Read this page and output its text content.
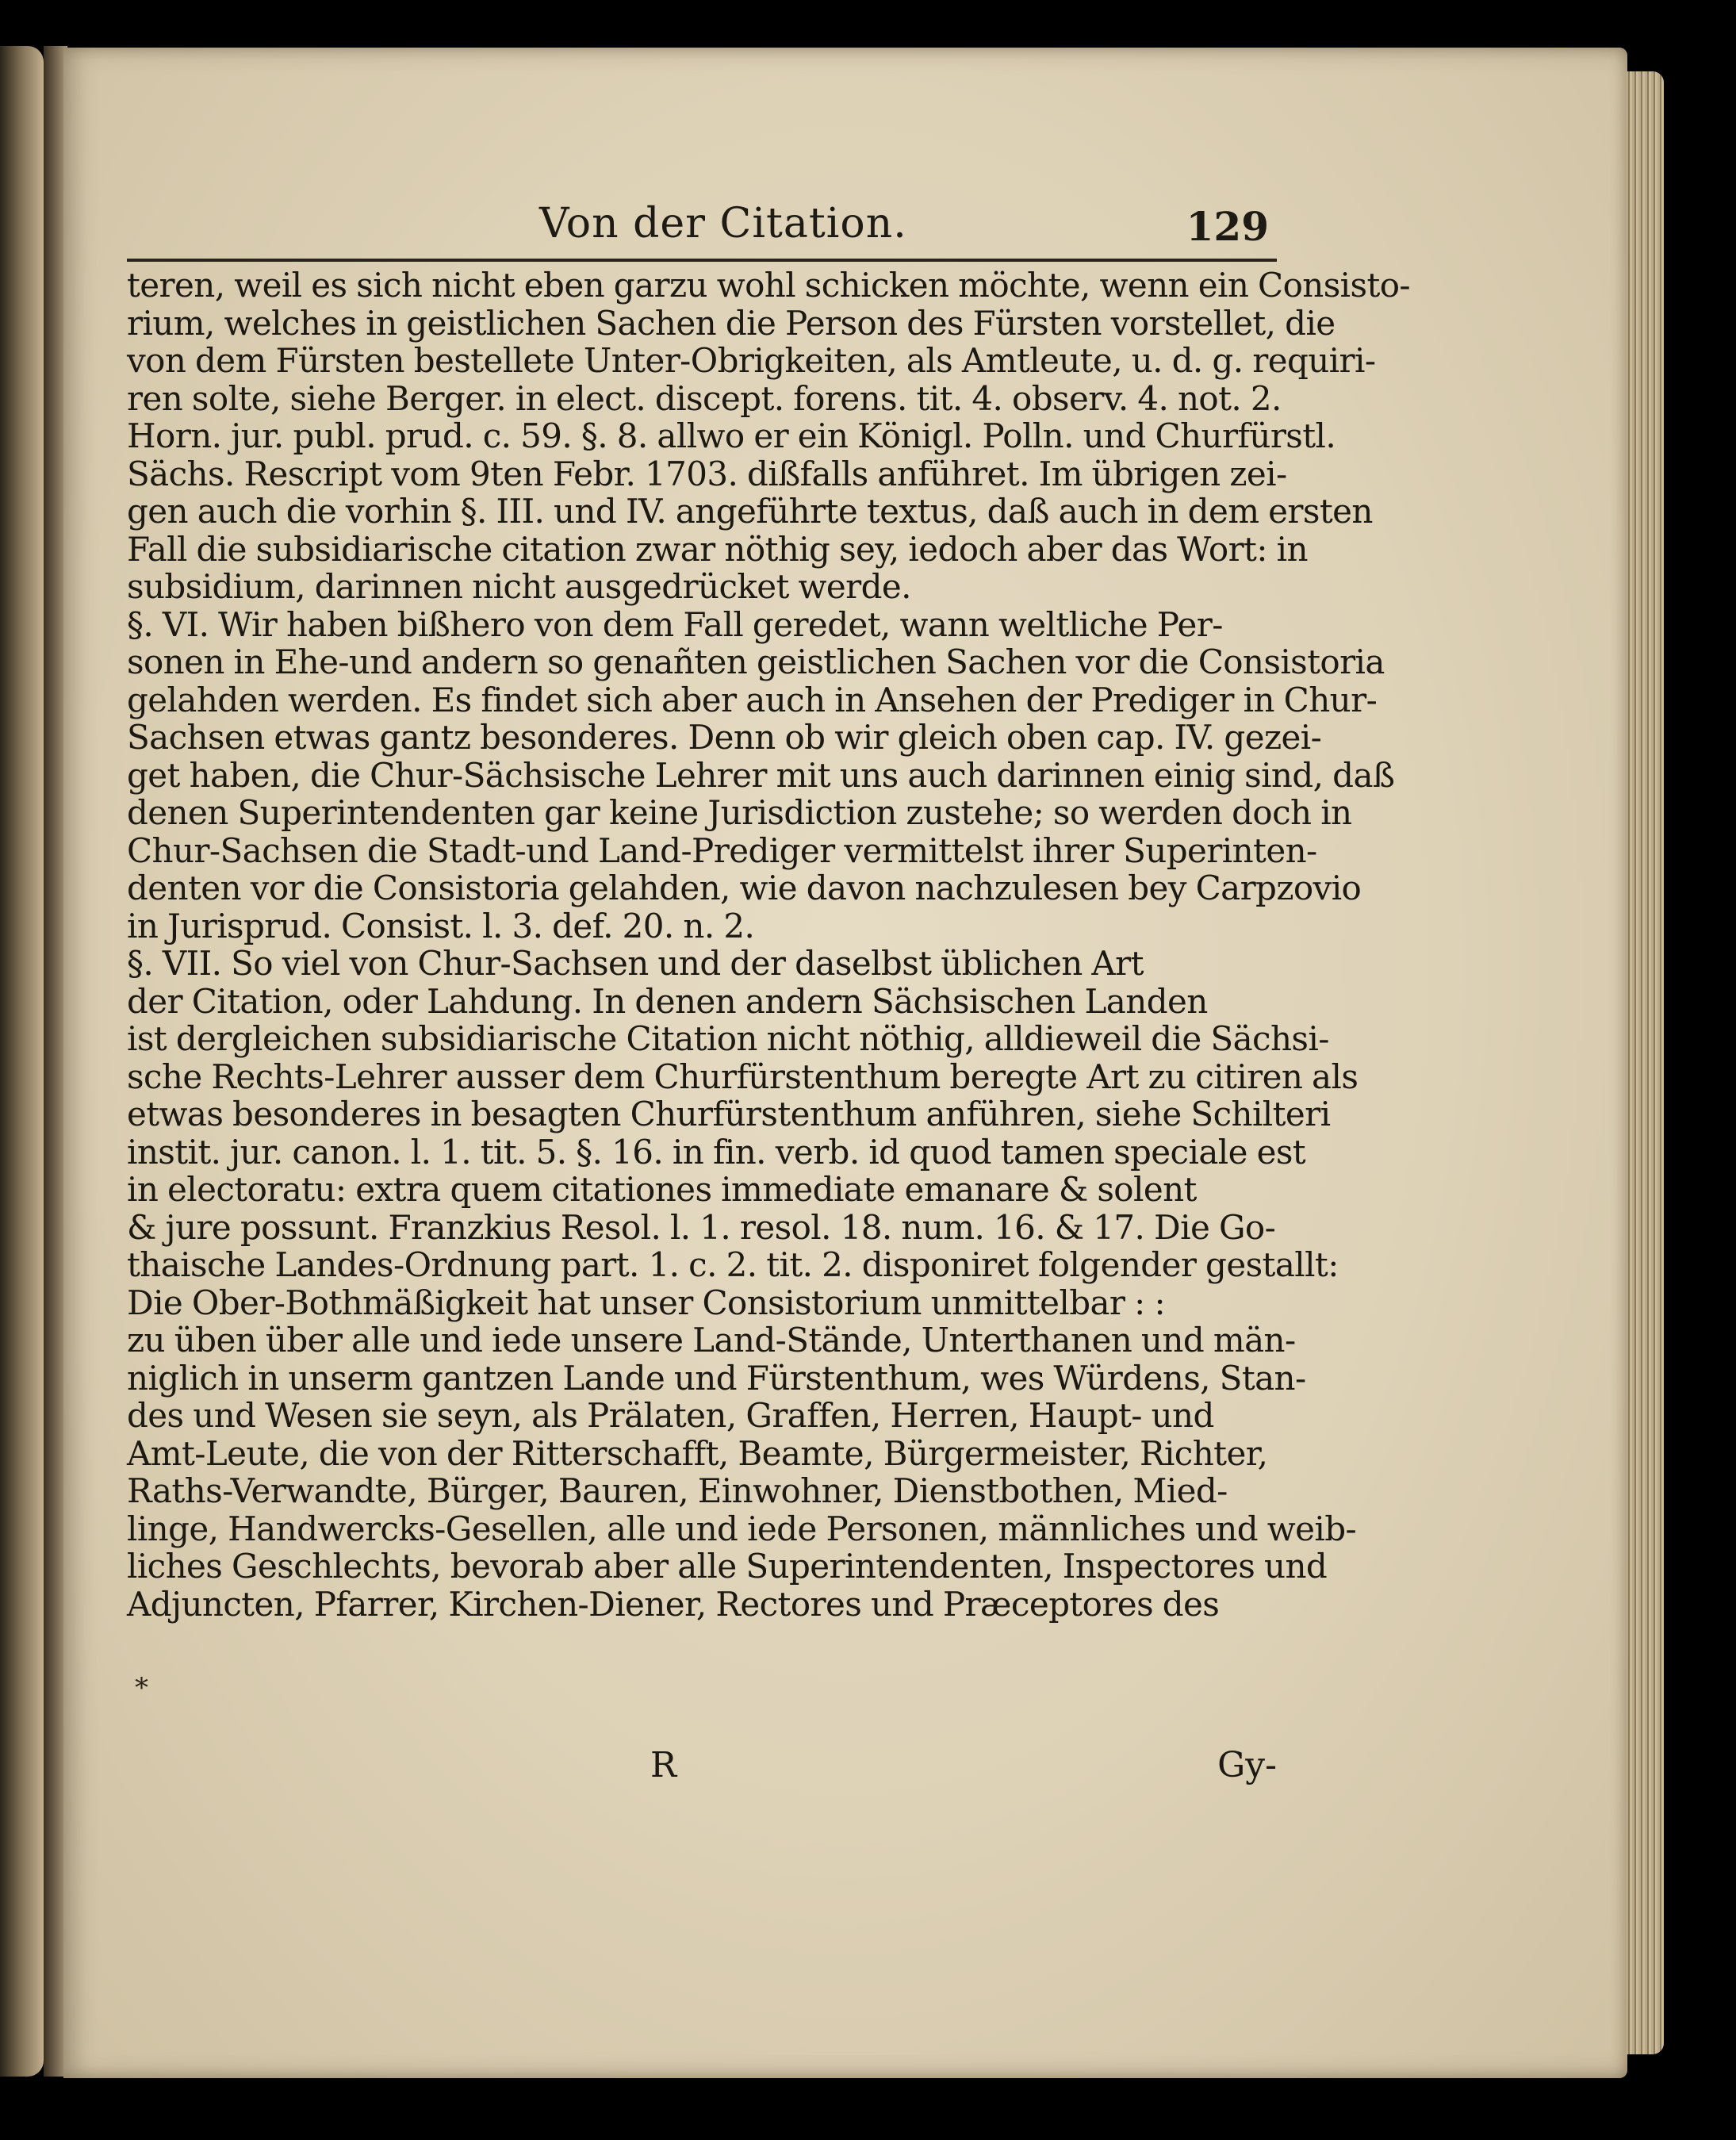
Von der Citation.	129
teren, weil es sich nicht eben garzu wohl schicken möchte, wenn ein Consisto-
rium, welches in geistlichen Sachen die Person des Fürsten vorstellet, die
von dem Fürsten bestellete Unter-Obrigkeiten, als Amtleute, u. d. g. requiri-
ren solte, siehe Berger. in elect. discept. forens. tit. 4. observ. 4. not. 2.
Horn. jur. publ. prud. c. 59. §. 8. allwo er ein Königl. Polln. und Churfürstl.
Sächs. Rescript vom 9ten Febr. 1703. dißfalls anführet. Im übrigen zei-
gen auch die vorhin §. III. und IV. angeführte textus, daß auch in dem ersten
Fall die subsidiarische citation zwar nöthig sey, iedoch aber das Wort: in
subsidium, darinnen nicht ausgedrücket werde.
§. VI. Wir haben bißhero von dem Fall geredet, wann weltliche Per-
sonen in Ehe-und andern so genañten geistlichen Sachen vor die Consistoria
gelahden werden. Es findet sich aber auch in Ansehen der Prediger in Chur-
Sachsen etwas gantz besonderes. Denn ob wir gleich oben cap. IV. gezei-
get haben, die Chur-Sächsische Lehrer mit uns auch darinnen einig sind, daß
denen Superintendenten gar keine Jurisdiction zustehe; so werden doch in
Chur-Sachsen die Stadt-und Land-Prediger vermittelst ihrer Superinten-
denten vor die Consistoria gelahden, wie davon nachzulesen bey Carpzovio
in Jurisprud. Consist. l. 3. def. 20. n. 2.
§. VII. So viel von Chur-Sachsen und der daselbst üblichen Art
der Citation, oder Lahdung. In denen andern Sächsischen Landen
ist dergleichen subsidiarische Citation nicht nöthig, alldieweil die Sächsi-
sche Rechts-Lehrer ausser dem Churfürstenthum beregte Art zu citiren als
etwas besonderes in besagten Churfürstenthum anführen, siehe Schilteri
instit. jur. canon. l. 1. tit. 5. §. 16. in fin. verb. id quod tamen speciale est
in electoratu: extra quem citationes immediate emanare & solent
& jure possunt. Franzkius Resol. l. 1. resol. 18. num. 16. & 17. Die Go-
thaische Landes-Ordnung part. 1. c. 2. tit. 2. disponiret folgender gestallt:
Die Ober-Bothmäßigkeit hat unser Consistorium unmittelbar : :
zu üben über alle und iede unsere Land-Stände, Unterthanen und män-
niglich in unserm gantzen Lande und Fürstenthum, wes Würdens, Stan-
des und Wesen sie seyn, als Prälaten, Graffen, Herren, Haupt- und
Amt-Leute, die von der Ritterschafft, Beamte, Bürgermeister, Richter,
Raths-Verwandte, Bürger, Bauren, Einwohner, Dienstbothen, Mied-
linge, Handwercks-Gesellen, alle und iede Personen, männliches und weib-
liches Geschlechts, bevorab aber alle Superintendenten, Inspectores und
Adjuncten, Pfarrer, Kirchen-Diener, Rectores und Præceptores des
*
R	Gy-
